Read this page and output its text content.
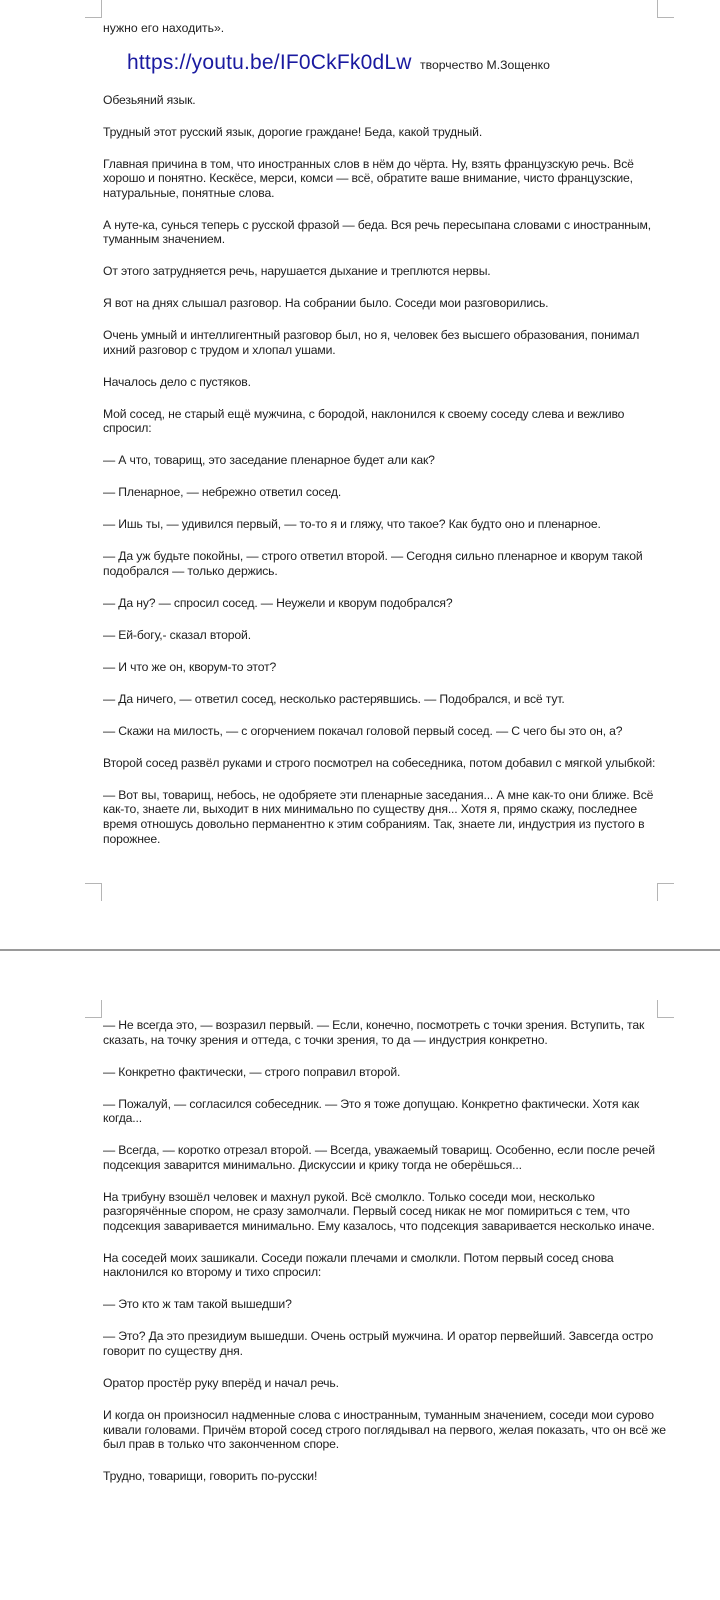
нужно его находить».

https://youtu.be/IF0CkFk0dLw творчество М.Зощенко

Обезьяний язык.

Трудный этот русский язык, дорогие граждане! Беда, какой трудный.

Главная причина в том, что иностранных слов в нём до чёрта. Ну, взять французскую речь. Всё хорошо и понятно. Кескёсе, мерси, комси — всё, обратите ваше внимание, чисто французские, натуральные, понятные слова.

А нуте-ка, сунься теперь с русской фразой — беда. Вся речь пересыпана словами с иностранным, туманным значением.

От этого затрудняется речь, нарушается дыхание и треплются нервы.

Я вот на днях слышал разговор. На собрании было. Соседи мои разговорились.

Очень умный и интеллигентный разговор был, но я, человек без высшего образования, понимал ихний разговор с трудом и хлопал ушами.

Началось дело с пустяков.

Мой сосед, не старый ещё мужчина, с бородой, наклонился к своему соседу слева и вежливо спросил:

— А что, товарищ, это заседание пленарное будет али как?

— Пленарное, — небрежно ответил сосед.

— Ишь ты, — удивился первый, — то-то я и гляжу, что такое? Как будто оно и пленарное.

— Да уж будьте покойны, — строго ответил второй. — Сегодня сильно пленарное и кворум такой подобрался — только держись.

— Да ну? — спросил сосед. — Неужели и кворум подобрался?

— Ей-богу,- сказал второй.

— И что же он, кворум-то этот?

— Да ничего, — ответил сосед, несколько растерявшись. — Подобрался, и всё тут.

— Скажи на милость, — с огорчением покачал головой первый сосед. — С чего бы это он, а?

Второй сосед развёл руками и строго посмотрел на собеседника, потом добавил с мягкой улыбкой:

— Вот вы, товарищ, небось, не одобряете эти пленарные заседания... А мне как-то они ближе. Всё как-то, знаете ли, выходит в них минимально по существу дня... Хотя я, прямо скажу, последнее время отношусь довольно перманентно к этим собраниям. Так, знаете ли, индустрия из пустого в порожнее.

— Не всегда это, — возразил первый. — Если, конечно, посмотреть с точки зрения. Вступить, так сказать, на точку зрения и оттеда, с точки зрения, то да — индустрия конкретно.

— Конкретно фактически, — строго поправил второй.

— Пожалуй, — согласился собеседник. — Это я тоже допущаю. Конкретно фактически. Хотя как когда...

— Всегда, — коротко отрезал второй. — Всегда, уважаемый товарищ. Особенно, если после речей подсекция заварится минимально. Дискуссии и крику тогда не оберёшься...

На трибуну взошёл человек и махнул рукой. Всё смолкло. Только соседи мои, несколько разгорячённые спором, не сразу замолчали. Первый сосед никак не мог помириться с тем, что подсекция заваривается минимально. Ему казалось, что подсекция заваривается несколько иначе.

На соседей моих зашикали. Соседи пожали плечами и смолкли. Потом первый сосед снова наклонился ко второму и тихо спросил:

— Это кто ж там такой вышедши?

— Это? Да это президиум вышедши. Очень острый мужчина. И оратор первейший. Завсегда остро говорит по существу дня.

Оратор простёр руку вперёд и начал речь.

И когда он произносил надменные слова с иностранным, туманным значением, соседи мои сурово кивали головами. Причём второй сосед строго поглядывал на первого, желая показать, что он всё же был прав в только что законченном споре.

Трудно, товарищи, говорить по-русски!
